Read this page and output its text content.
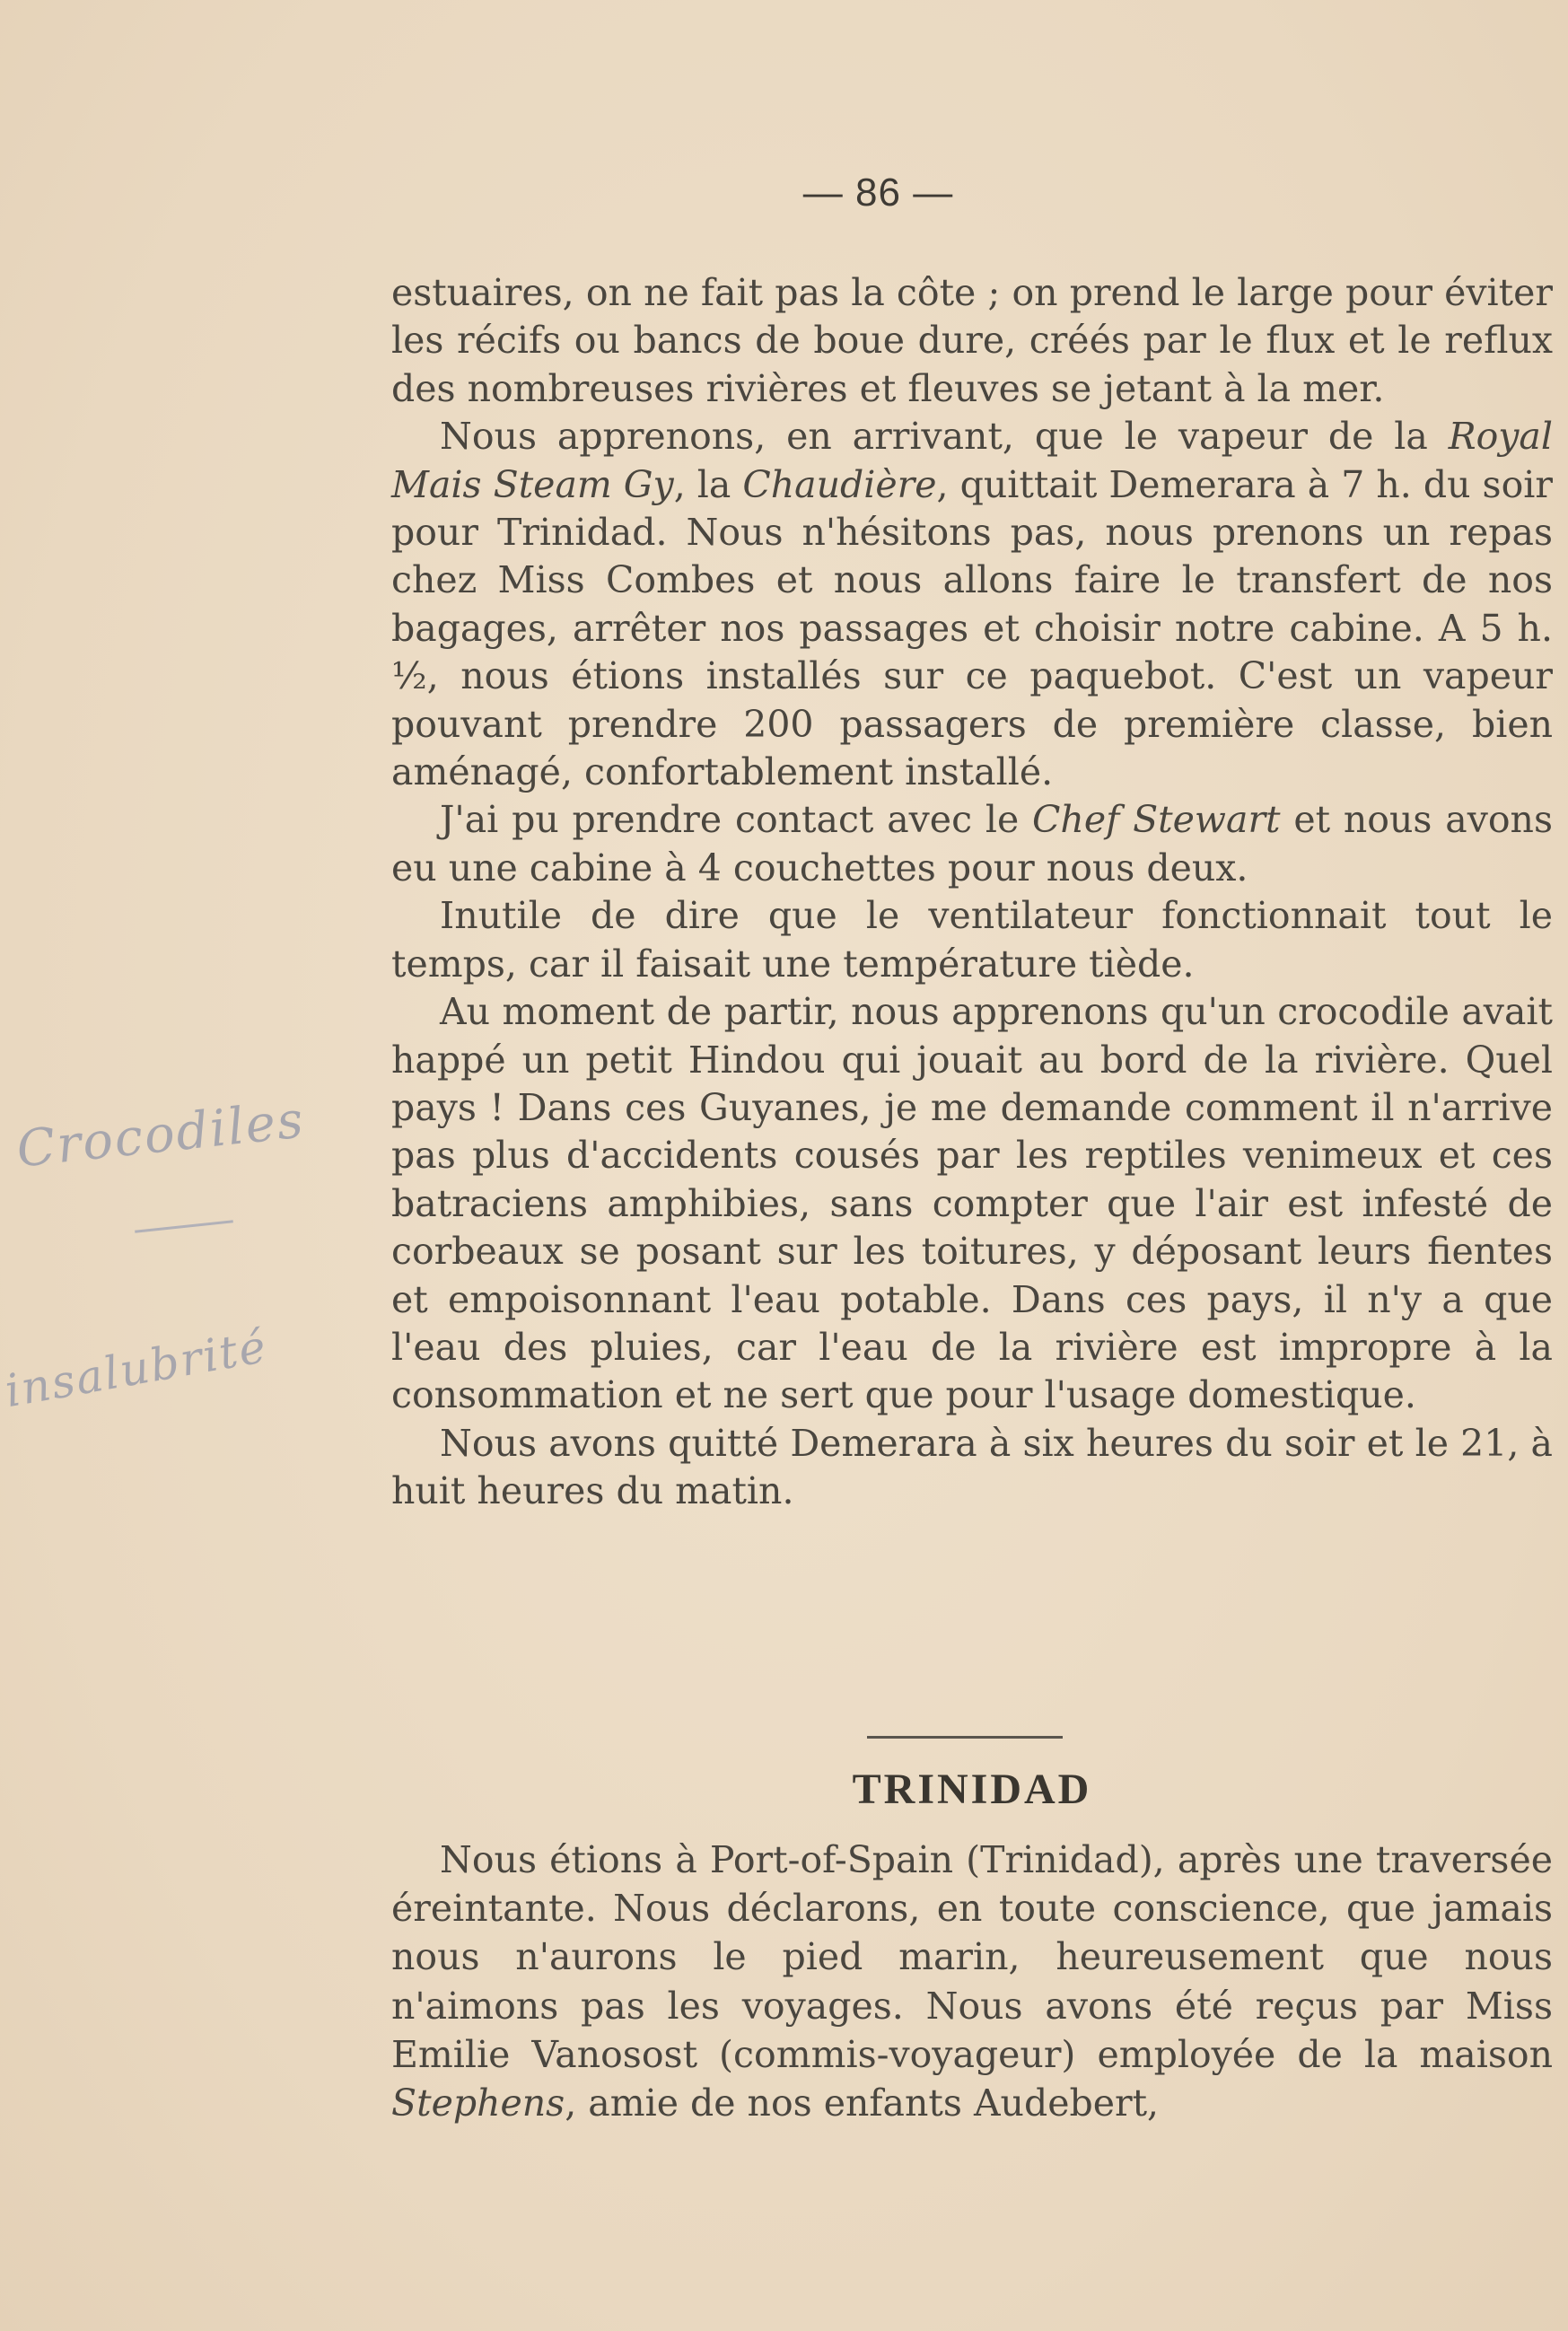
— 86 —
Crocodiles
insalubrité

estuaires, on ne fait pas la côte ; on prend le large pour éviter les récifs ou bancs de boue dure, créés par le flux et le reflux des nombreuses rivières et fleuves se jetant à la mer.

Nous apprenons, en arrivant, que le vapeur de la Royal Mais Steam Gy, la Chaudière, quittait Demerara à 7 h. du soir pour Trinidad. Nous n'hésitons pas, nous prenons un repas chez Miss Combes et nous allons faire le transfert de nos bagages, arrêter nos passages et choisir notre cabine. A 5 h. ½, nous étions installés sur ce paquebot. C'est un vapeur pouvant prendre 200 passagers de première classe, bien aménagé, confortablement installé.

J'ai pu prendre contact avec le Chef Stewart et nous avons eu une cabine à 4 couchettes pour nous deux.

Inutile de dire que le ventilateur fonctionnait tout le temps, car il faisait une température tiède.

Au moment de partir, nous apprenons qu'un crocodile avait happé un petit Hindou qui jouait au bord de la rivière. Quel pays ! Dans ces Guyanes, je me demande comment il n'arrive pas plus d'accidents cousés par les reptiles venimeux et ces batraciens amphibies, sans compter que l'air est infesté de corbeaux se posant sur les toitures, y déposant leurs fientes et empoisonnant l'eau potable. Dans ces pays, il n'y a que l'eau des pluies, car l'eau de la rivière est impropre à la consommation et ne sert que pour l'usage domestique.

Nous avons quitté Demerara à six heures du soir et le 21, à huit heures du matin.

TRINIDAD

Nous étions à Port-of-Spain (Trinidad), après une traversée éreintante. Nous déclarons, en toute conscience, que jamais nous n'aurons le pied marin, heureusement que nous n'aimons pas les voyages. Nous avons été reçus par Miss Emilie Vanosost (commis-voyageur) employée de la maison Stephens, amie de nos enfants Audebert,
